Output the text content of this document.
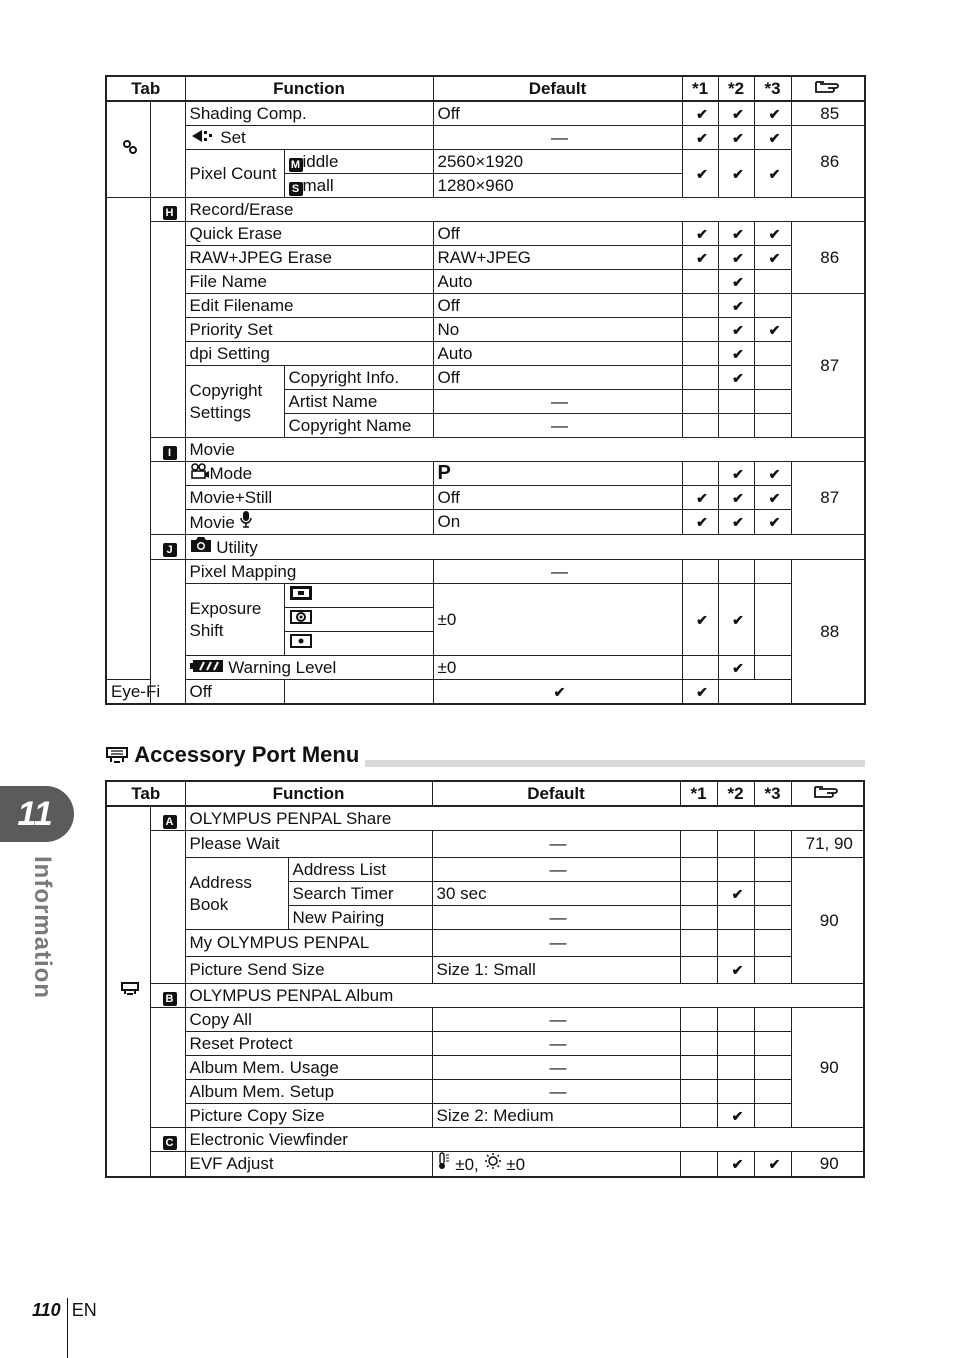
Tab		Function		Default	*1	*2	*3	
		Shading Comp.		Off	✔	✔	✔	85
		Set		—	✔	✔	✔	86
		Pixel Count	M iddle	2560×1920	✔	✔	✔	
			S mall	1280×960				
	H	Record/Erase						
		Quick Erase		Off	✔	✔	✔	86
		RAW+JPEG Erase		RAW+JPEG	✔	✔	✔	
		File Name		Auto		✔		
		Edit Filename		Off		✔		87
		Priority Set		No		✔	✔	
		dpi Setting		Auto		✔		
		Copyright Settings	Copyright Info.	Off		✔		
			Artist Name	—				
			Copyright Name	—				
	I	Movie						
		Mode		P		✔	✔	87
		Movie+Still		Off	✔	✔	✔	
		Movie		On	✔	✔	✔	
	J	Utility						
		Pixel Mapping		—				88
		Exposure Shift		±0	✔	✔		

		Warning Level		±0		✔		
Eye-Fi		Off		✔	✔			
Accessory Port Menu
Tab		Function		Default	*1	*2	*3	
	A	OLYMPUS PENPAL Share						
		Please Wait		—				71, 90
		Address Book	Address List	—				90
			Search Timer	30 sec		✔		
			New Pairing	—				
		My OLYMPUS PENPAL		—				
		Picture Send Size		Size 1: Small		✔		
	B	OLYMPUS PENPAL Album						
		Copy All		—				90
		Reset Protect		—				
		Album Mem. Usage		—				
		Album Mem. Setup		—				
		Picture Copy Size		Size 2: Medium		✔		
	C	Electronic Viewfinder						
		EVF Adjust		±0, ±0		✔	✔	90
11
Information
110 EN
